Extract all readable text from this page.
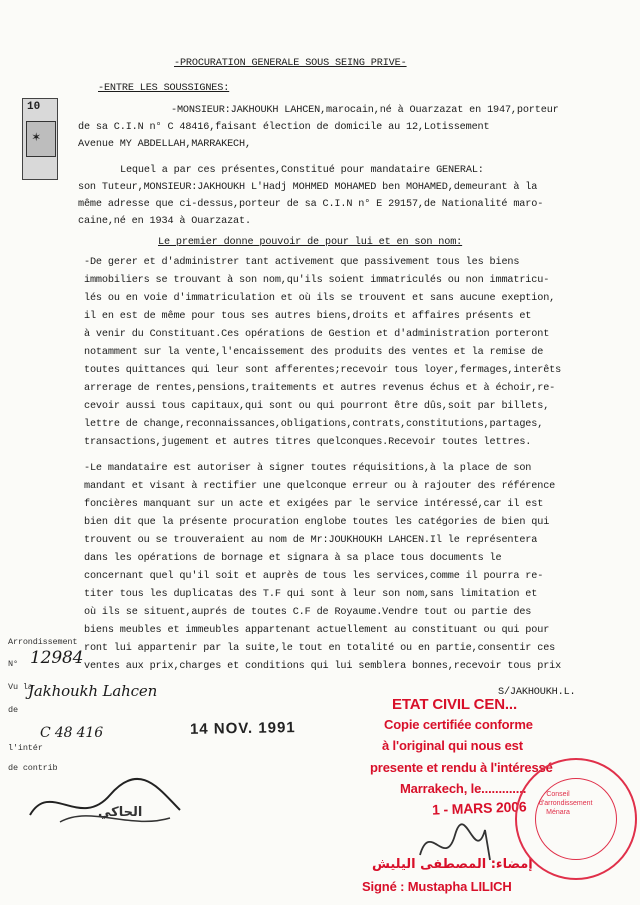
-PROCURATION GENERALE SOUS SEING PRIVE-
10
✶
-ENTRE LES SOUSSIGNES:
-MONSIEUR:JAKHOUKH LAHCEN,marocain,né à Ouarzazat en 1947,porteur
de sa C.I.N n° C 48416,faisant élection de domicile au 12,Lotissement
Avenue MY ABDELLAH,MARRAKECH,
Lequel a par ces présentes,Constitué pour mandataire GENERAL:
son Tuteur,MONSIEUR:JAKHOUKH L'Hadj MOHMED MOHAMED ben MOHAMED,demeurant à la
même adresse que ci-dessus,porteur de sa C.I.N n° E 29157,de Nationalité maro-
caine,né en 1934 à Ouarzazat.
Le premier donne pouvoir de pour lui et en son nom:
-De gerer et d'administrer tant activement que passivement tous les biens
immobiliers se trouvant à son nom,qu'ils soient immatriculés ou non immatricu-
lés ou en voie d'immatriculation et où ils se trouvent et sans aucune exeption,
il en est de même pour tous ses autres biens,droits et affaires présents et
à venir du Constituant.Ces opérations de Gestion et d'administration porteront
notamment sur la vente,l'encaissement des produits des ventes et la remise de
toutes quittances qui leur sont afferentes;recevoir tous loyer,fermages,interêts
arrerage de rentes,pensions,traitements et autres revenus échus et à échoir,re-
cevoir aussi tous capitaux,qui sont ou qui pourront être dûs,soit par billets,
lettre de change,reconnaissances,obligations,contrats,constitutions,partages,
transactions,jugement et autres titres quelconques.Recevoir toutes lettres.
-Le mandataire est autoriser à signer toutes réquisitions,à la place de son
mandant et visant à rectifier une quelconque erreur ou à rajouter des référence
foncières manquant sur un acte et exigées par le service intéressé,car il est
bien dit que la présente procuration englobe toutes les catégories de bien qui
trouvent ou se trouveraient au nom de Mr:JOUKHOUKH LAHCEN.Il le représentera
dans les opérations de bornage et signara à sa place tous documents le
concernant quel qu'il soit et auprès de tous les services,comme il pourra re-
titer tous les duplicatas des T.F qui sont à leur son nom,sans limitation et
où ils se situent,auprés de toutes C.F de Royaume.Vendre tout ou partie des
biens meubles et immeubles appartenant actuellement au constituant ou qui pour
ront lui appartenir par la suite,le tout en totalité ou en partie,consentir ces
ventes aux prix,charges et conditions qui lui semblera bonnes,recevoir tous prix
S/JAKHOUKH.L.
Arrondissement
N° 12984
Vu la
Jakhoukh Lahcen
de
C 48 416
l'intér
de contrib
الحاكي
14 NOV. 1991
ETAT CIVIL CEN...
Copie certifiée conforme
à l'original qui nous est
presente et rendu à l'intéressé
Marrakech, le.............
1 - MARS 2006
إمضاء: المصطفى اليليش
Signé : Mustapha LILICH
Conseil d'arrondissement Ménara
